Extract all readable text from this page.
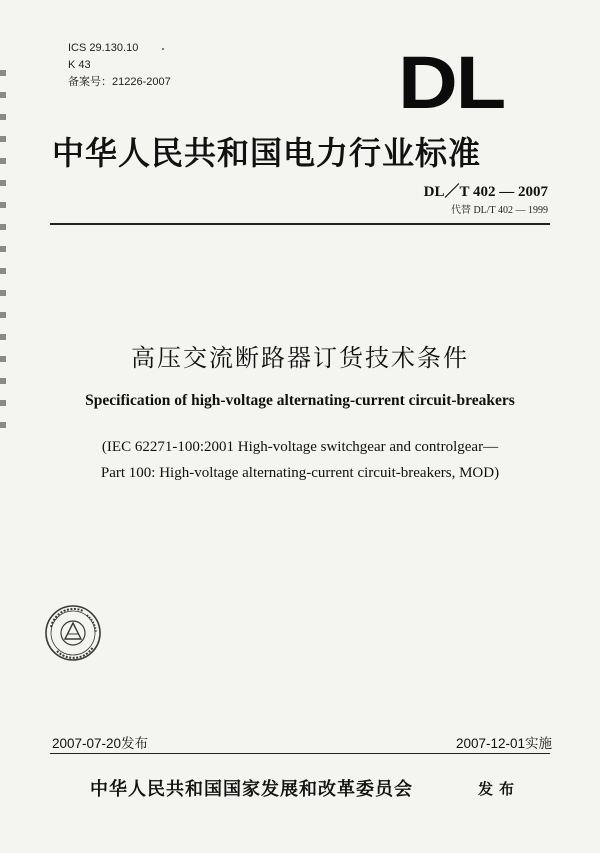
ICS 29.130.10
K 43
备案号：21226-2007	DL
中华人民共和国电力行业标准
DL／T 402 — 2007
代替 DL/T 402 — 1999
高压交流断路器订货技术条件
Specification of high-voltage alternating-current circuit-breakers
(IEC 62271-100:2001 High-voltage switchgear and controlgear—
Part 100: High-voltage alternating-current circuit-breakers, MOD)
2007-07-20发布	2007-12-01实施
中华人民共和国国家发展和改革委员会	发布
